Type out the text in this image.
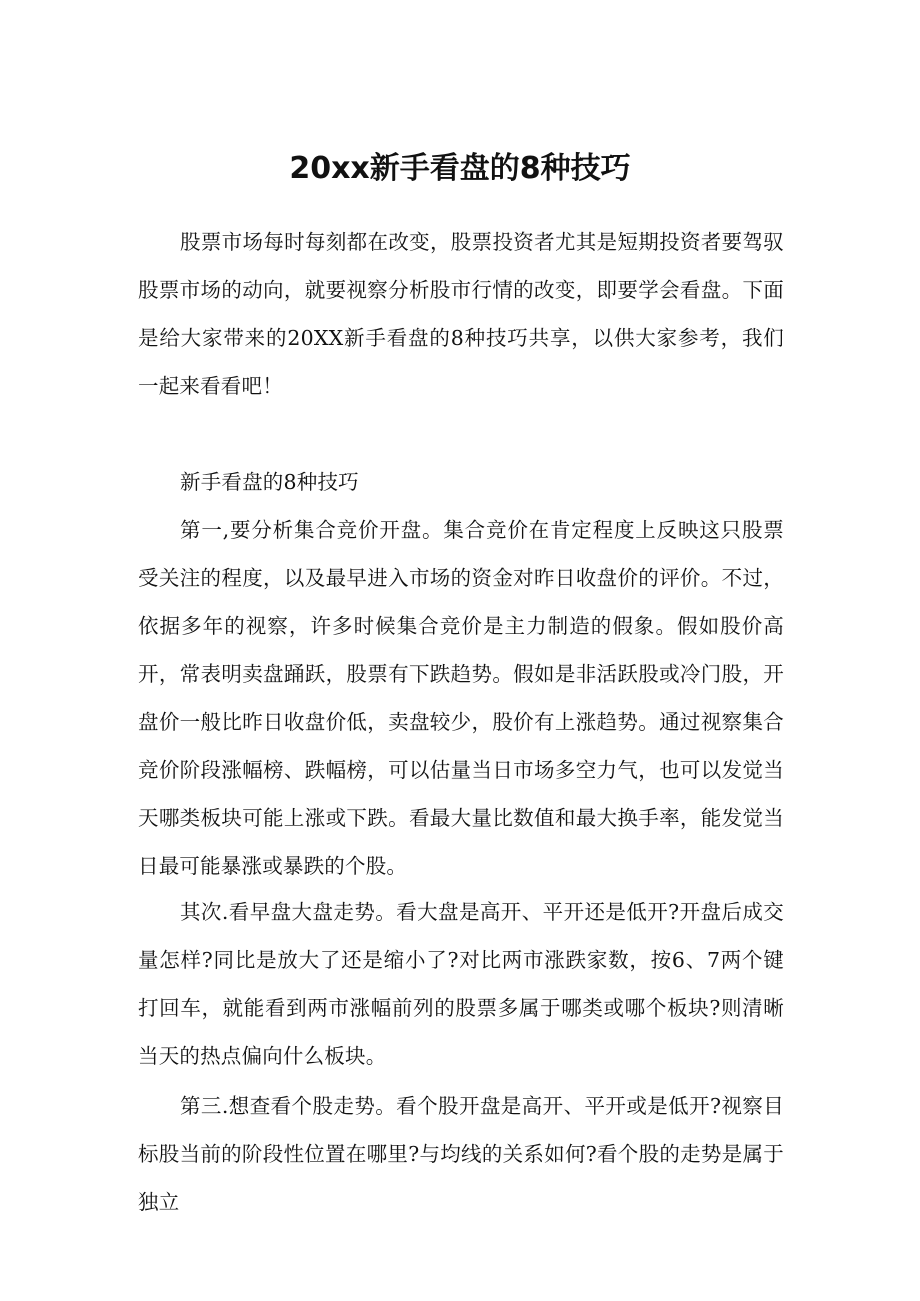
20xx新手看盘的8种技巧

股票市场每时每刻都在改变，股票投资者尤其是短期投资者要驾驭股票市场的动向，就要视察分析股市行情的改变，即要学会看盘。下面是给大家带来的20XX新手看盘的8种技巧共享，以供大家参考，我们一起来看看吧！

新手看盘的8种技巧

第一,要分析集合竞价开盘。集合竞价在肯定程度上反映这只股票受关注的程度，以及最早进入市场的资金对昨日收盘价的评价。不过，依据多年的视察，许多时候集合竞价是主力制造的假象。假如股价高开，常表明卖盘踊跃，股票有下跌趋势。假如是非活跃股或冷门股，开盘价一般比昨日收盘价低，卖盘较少，股价有上涨趋势。通过视察集合竞价阶段涨幅榜、跌幅榜，可以估量当日市场多空力气，也可以发觉当天哪类板块可能上涨或下跌。看最大量比数值和最大换手率，能发觉当日最可能暴涨或暴跌的个股。

其次.看早盘大盘走势。看大盘是高开、平开还是低开?开盘后成交量怎样?同比是放大了还是缩小了?对比两市涨跌家数，按6、7两个键打回车，就能看到两市涨幅前列的股票多属于哪类或哪个板块?则清晰当天的热点偏向什么板块。

第三.想查看个股走势。看个股开盘是高开、平开或是低开?视察目标股当前的阶段性位置在哪里?与均线的关系如何?看个股的走势是属于独立
